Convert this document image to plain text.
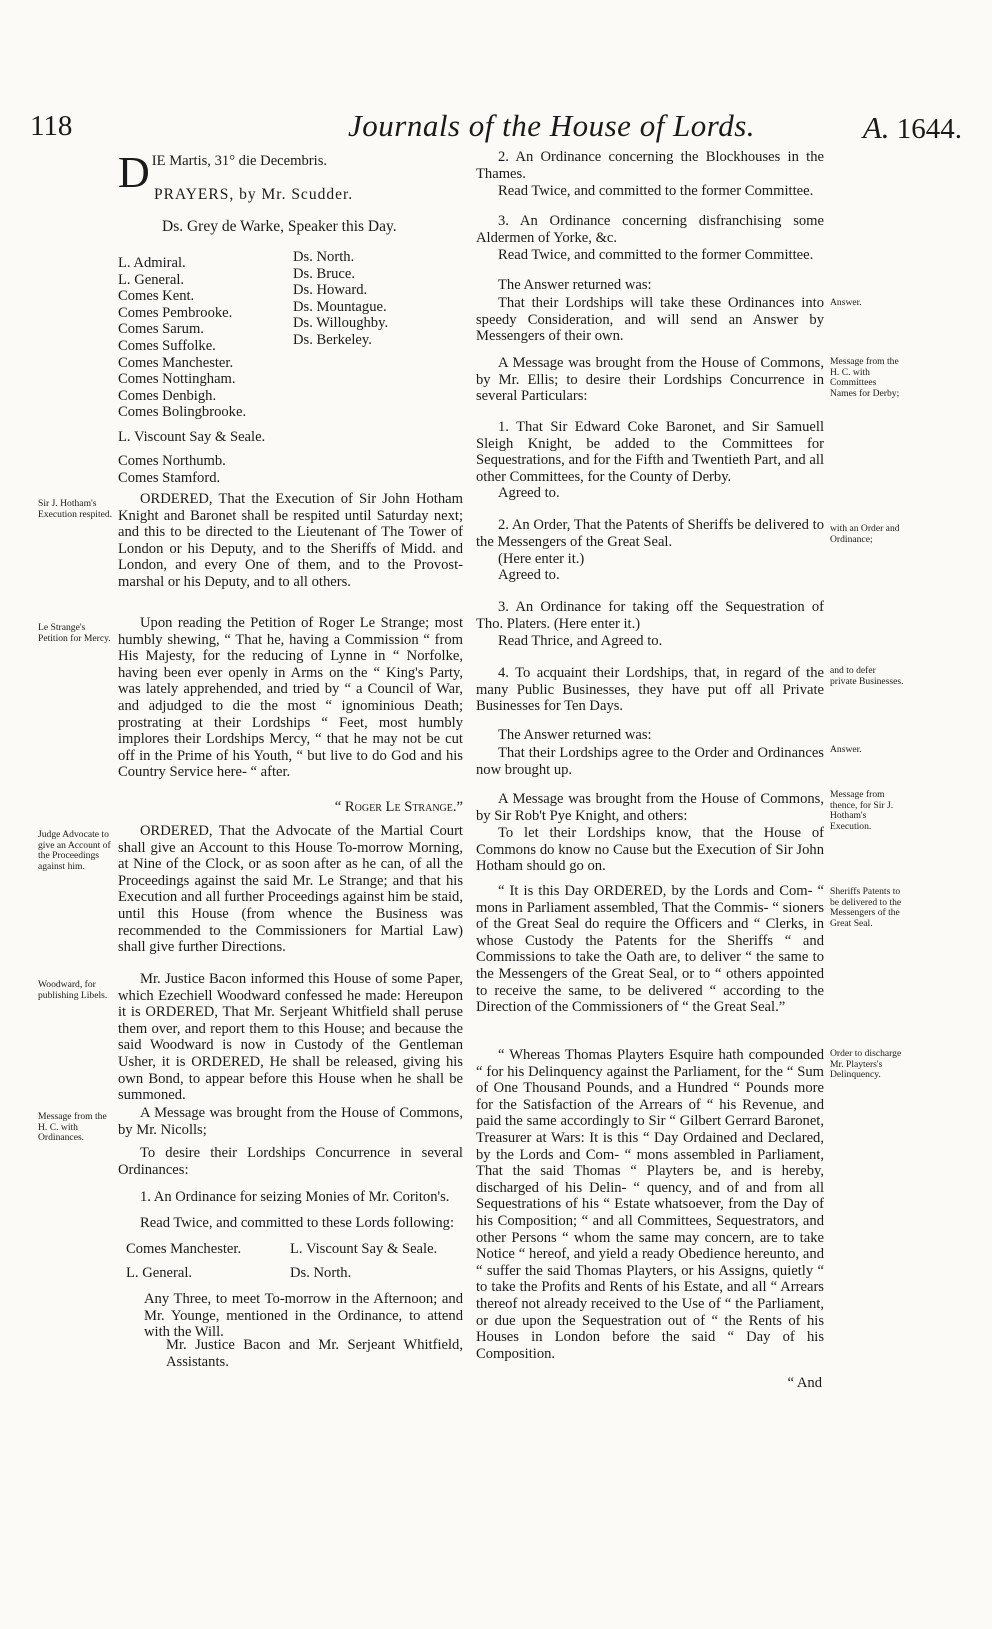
118	Journals of the House of Lords.	A. 1644.
D IE Martis, 31° die Decembris.
PRAYERS, by Mr. Scudder.
Ds. Grey de Warke, Speaker this Day.
L. Admiral.
L. General.
Comes Kent.
Comes Pembrooke.
Comes Sarum.
Comes Suffolke.
Comes Manchester.
Comes Nottingham.
Comes Denbigh.
Comes Bolingbrooke.
Ds. North.
Ds. Bruce.
Ds. Howard.
Ds. Mountague.
Ds. Willoughby.
Ds. Berkeley.
L. Viscount Say & Seale.
Comes Northumb.
Comes Stamford.

ORDERED, That the Execution of Sir John Hotham Knight and Baronet shall be respited until Saturday next; and this to be directed to the Lieutenant of The Tower of London or his Deputy, and to the Sheriffs of Midd. and London, and every One of them, and to the Provost-marshal or his Deputy, and to all others.

Upon reading the Petition of Roger Le Strange; most humbly shewing, “ That he, having a Commission “ from His Majesty, for the reducing of Lynne in “ Norfolke, having been ever openly in Arms on the “ King's Party, was lately apprehended, and tried by “ a Council of War, and adjudged to die the most “ ignominious Death; prostrating at their Lordships “ Feet, most humbly implores their Lordships Mercy, “ that he may not be cut off in the Prime of his Youth, “ but live to do God and his Country Service here- “ after.

“ Roger Le Strange.”

ORDERED, That the Advocate of the Martial Court shall give an Account to this House To-morrow Morning, at Nine of the Clock, or as soon after as he can, of all the Proceedings against the said Mr. Le Strange; and that his Execution and all further Proceedings against him be staid, until this House (from whence the Business was recommended to the Commissioners for Martial Law) shall give further Directions.

Mr. Justice Bacon informed this House of some Paper, which Ezechiell Woodward confessed he made: Hereupon it is ORDERED, That Mr. Serjeant Whitfield shall peruse them over, and report them to this House; and because the said Woodward is now in Custody of the Gentleman Usher, it is ORDERED, He shall be released, giving his own Bond, to appear before this House when he shall be summoned.

A Message was brought from the House of Commons, by Mr. Nicolls;

To desire their Lordships Concurrence in several Ordinances:

1. An Ordinance for seizing Monies of Mr. Coriton's.

Read Twice, and committed to these Lords following:

Comes Manchester.	L. Viscount Say & Seale.
L. General.	Ds. North.

Any Three, to meet To-morrow in the Afternoon; and Mr. Younge, mentioned in the Ordinance, to attend with the Will.

Mr. Justice Bacon and Mr. Serjeant Whitfield, Assistants.

Sir J. Hotham's Execution respited.
Le Strange's Petition for Mercy.
Judge Advocate to give an Account of the Proceedings against him.
Woodward, for publishing Libels.
Message from the H. C. with Ordinances.

2. An Ordinance concerning the Blockhouses in the Thames.

Read Twice, and committed to the former Committee.

3. An Ordinance concerning disfranchising some Aldermen of Yorke, &c.

Read Twice, and committed to the former Committee.

The Answer returned was:

That their Lordships will take these Ordinances into speedy Consideration, and will send an Answer by Messengers of their own.

A Message was brought from the House of Commons, by Mr. Ellis; to desire their Lordships Concurrence in several Particulars:

1. That Sir Edward Coke Baronet, and Sir Samuell Sleigh Knight, be added to the Committees for Sequestrations, and for the Fifth and Twentieth Part, and all other Committees, for the County of Derby.

Agreed to.

2. An Order, That the Patents of Sheriffs be delivered to the Messengers of the Great Seal.

(Here enter it.)

Agreed to.

3. An Ordinance for taking off the Sequestration of Tho. Platers. (Here enter it.)

Read Thrice, and Agreed to.

4. To acquaint their Lordships, that, in regard of the many Public Businesses, they have put off all Private Businesses for Ten Days.

The Answer returned was:

That their Lordships agree to the Order and Ordinances now brought up.

A Message was brought from the House of Commons, by Sir Rob't Pye Knight, and others:

To let their Lordships know, that the House of Commons do know no Cause but the Execution of Sir John Hotham should go on.

“ It is this Day ORDERED, by the Lords and Com- “ mons in Parliament assembled, That the Commis- “ sioners of the Great Seal do require the Officers and “ Clerks, in whose Custody the Patents for the Sheriffs “ and Commissions to take the Oath are, to deliver “ the same to the Messengers of the Great Seal, or to “ others appointed to receive the same, to be delivered “ according to the Direction of the Commissioners of “ the Great Seal.”

“ Whereas Thomas Playters Esquire hath compounded “ for his Delinquency against the Parliament, for the “ Sum of One Thousand Pounds, and a Hundred “ Pounds more for the Satisfaction of the Arrears of “ his Revenue, and paid the same accordingly to Sir “ Gilbert Gerrard Baronet, Treasurer at Wars: It is this “ Day Ordained and Declared, by the Lords and Com- “ mons assembled in Parliament, That the said Thomas “ Playters be, and is hereby, discharged of his Delin- “ quency, and of and from all Sequestrations of his “ Estate whatsoever, from the Day of his Composition; “ and all Committees, Sequestrators, and other Persons “ whom the same may concern, are to take Notice “ hereof, and yield a ready Obedience hereunto, and “ suffer the said Thomas Playters, or his Assigns, quietly “ to take the Profits and Rents of his Estate, and all “ Arrears thereof not already received to the Use of “ the Parliament, or due upon the Sequestration out of “ the Rents of his Houses in London before the said “ Day of his Composition.

“ And

Answer.
Message from the H. C. with Committees Names for Derby;
with an Order and Ordinance;
and to defer private Businesses.
Answer.
Message from thence, for Sir J. Hotham's Execution.
Sheriffs Patents to be delivered to the Messengers of the Great Seal.
Order to discharge Mr. Playters's Delinquency.
